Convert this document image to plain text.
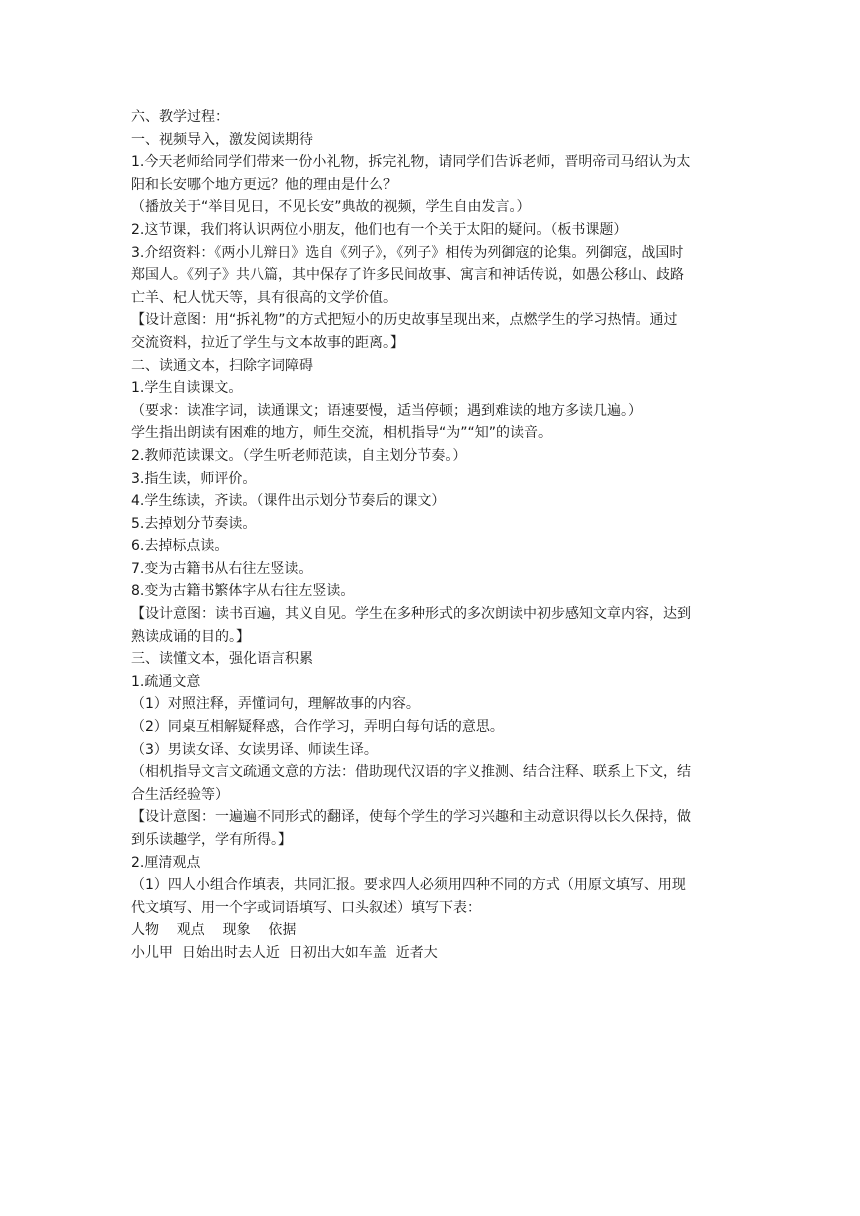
六、教学过程：
一、视频导入，激发阅读期待
1.今天老师给同学们带来一份小礼物，拆完礼物，请同学们告诉老师，晋明帝司马绍认为太
阳和长安哪个地方更远？他的理由是什么？
（播放关于“举目见日，不见长安”典故的视频，学生自由发言。）
2.这节课，我们将认识两位小朋友，他们也有一个关于太阳的疑问。（板书课题）
3.介绍资料：《两小儿辩日》选自《列子》，《列子》相传为列御寇的论集。列御寇，战国时
郑国人。《列子》共八篇，其中保存了许多民间故事、寓言和神话传说，如愚公移山、歧路
亡羊、杞人忧天等，具有很高的文学价值。
【设计意图：用“拆礼物”的方式把短小的历史故事呈现出来，点燃学生的学习热情。通过
交流资料，拉近了学生与文本故事的距离。】
二、读通文本，扫除字词障碍
1.学生自读课文。
（要求：读准字词，读通课文；语速要慢，适当停顿；遇到难读的地方多读几遍。）
学生指出朗读有困难的地方，师生交流，相机指导“为”“知”的读音。
2.教师范读课文。（学生听老师范读，自主划分节奏。）
3.指生读，师评价。
4.学生练读，齐读。（课件出示划分节奏后的课文）
5.去掉划分节奏读。
6.去掉标点读。
7.变为古籍书从右往左竖读。
8.变为古籍书繁体字从右往左竖读。
【设计意图：读书百遍，其义自见。学生在多种形式的多次朗读中初步感知文章内容，达到
熟读成诵的目的。】
三、读懂文本，强化语言积累
1.疏通文意
（1）对照注释，弄懂词句，理解故事的内容。
（2）同桌互相解疑释惑，合作学习，弄明白每句话的意思。
（3）男读女译、女读男译、师读生译。
（相机指导文言文疏通文意的方法：借助现代汉语的字义推测、结合注释、联系上下文，结
合生活经验等）
【设计意图：一遍遍不同形式的翻译，使每个学生的学习兴趣和主动意识得以长久保持，做
到乐读趣学，学有所得。】
2.厘清观点
（1）四人小组合作填表，共同汇报。要求四人必须用四种不同的方式（用原文填写、用现
代文填写、用一个字或词语填写、口头叙述）填写下表：
人物    观点    现象    依据
小儿甲  日始出时去人近  日初出大如车盖  近者大
